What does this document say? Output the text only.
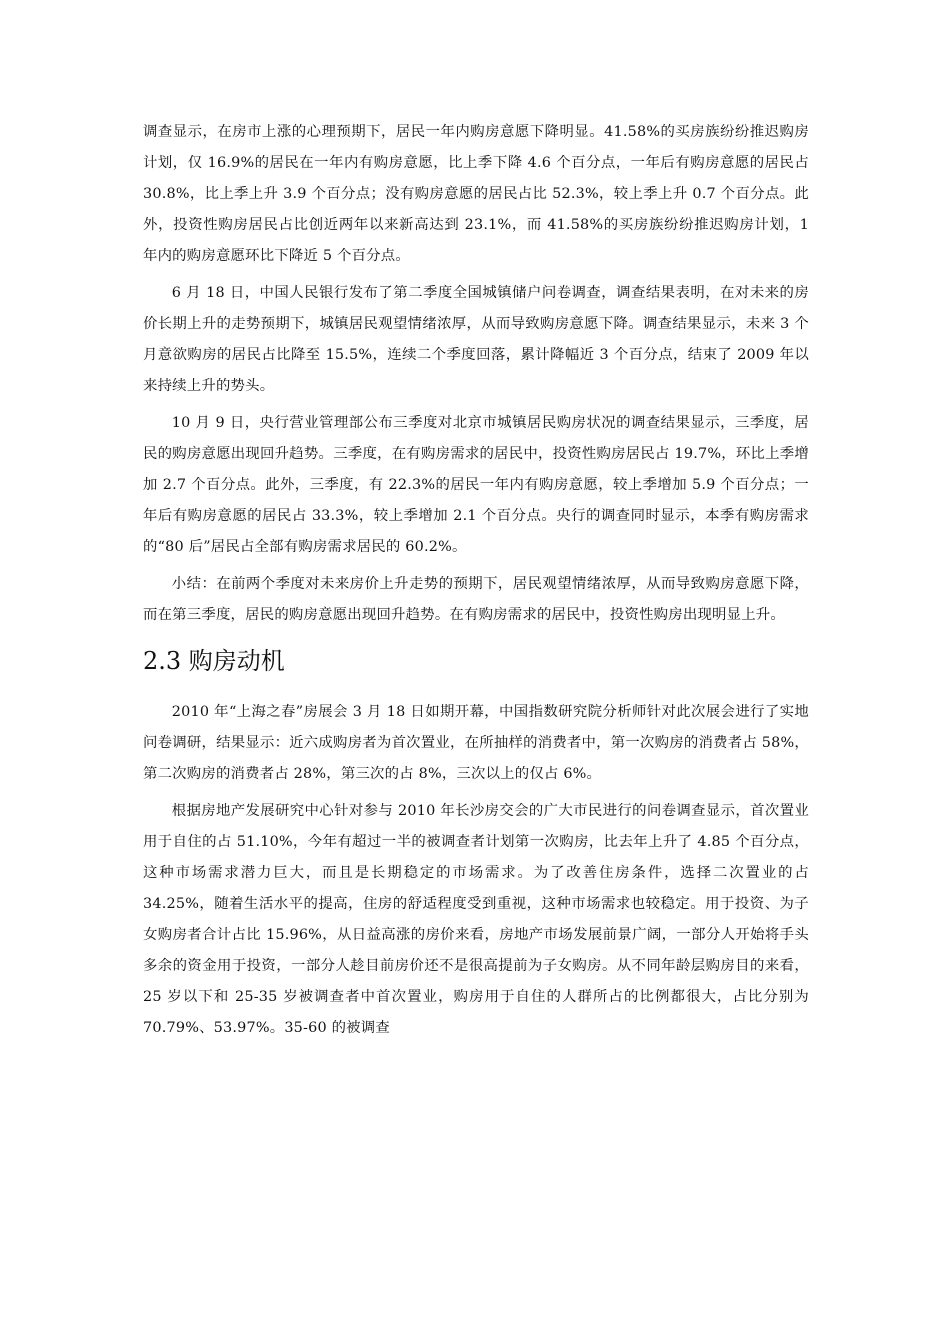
调查显示，在房市上涨的心理预期下，居民一年内购房意愿下降明显。41.58%的买房族纷纷推迟购房计划，仅 16.9%的居民在一年内有购房意愿，比上季下降 4.6 个百分点，一年后有购房意愿的居民占 30.8%，比上季上升 3.9 个百分点；没有购房意愿的居民占比 52.3%，较上季上升 0.7 个百分点。此外，投资性购房居民占比创近两年以来新高达到 23.1%，而 41.58%的买房族纷纷推迟购房计划，1 年内的购房意愿环比下降近 5 个百分点。

6 月 18 日，中国人民银行发布了第二季度全国城镇储户问卷调查，调查结果表明，在对未来的房价长期上升的走势预期下，城镇居民观望情绪浓厚，从而导致购房意愿下降。调查结果显示，未来 3 个月意欲购房的居民占比降至 15.5%，连续二个季度回落，累计降幅近 3 个百分点，结束了 2009 年以来持续上升的势头。

10 月 9 日，央行营业管理部公布三季度对北京市城镇居民购房状况的调查结果显示，三季度，居民的购房意愿出现回升趋势。三季度，在有购房需求的居民中，投资性购房居民占 19.7%，环比上季增加 2.7 个百分点。此外，三季度，有 22.3%的居民一年内有购房意愿，较上季增加 5.9 个百分点；一年后有购房意愿的居民占 33.3%，较上季增加 2.1 个百分点。央行的调查同时显示，本季有购房需求的“80 后”居民占全部有购房需求居民的 60.2%。

小结：在前两个季度对未来房价上升走势的预期下，居民观望情绪浓厚，从而导致购房意愿下降，而在第三季度，居民的购房意愿出现回升趋势。在有购房需求的居民中，投资性购房出现明显上升。

2.3 购房动机

2010 年“上海之春”房展会 3 月 18 日如期开幕，中国指数研究院分析师针对此次展会进行了实地问卷调研，结果显示：近六成购房者为首次置业，在所抽样的消费者中，第一次购房的消费者占 58%，第二次购房的消费者占 28%，第三次的占 8%，三次以上的仅占 6%。

根据房地产发展研究中心针对参与 2010 年长沙房交会的广大市民进行的问卷调查显示，首次置业用于自住的占 51.10%，今年有超过一半的被调查者计划第一次购房，比去年上升了 4.85 个百分点，这种市场需求潜力巨大，而且是长期稳定的市场需求。为了改善住房条件，选择二次置业的占 34.25%，随着生活水平的提高，住房的舒适程度受到重视，这种市场需求也较稳定。用于投资、为子女购房者合计占比 15.96%，从日益高涨的房价来看，房地产市场发展前景广阔，一部分人开始将手头多余的资金用于投资，一部分人趁目前房价还不是很高提前为子女购房。从不同年龄层购房目的来看，25 岁以下和 25-35 岁被调查者中首次置业，购房用于自住的人群所占的比例都很大，占比分别为 70.79%、53.97%。35-60 的被调查
